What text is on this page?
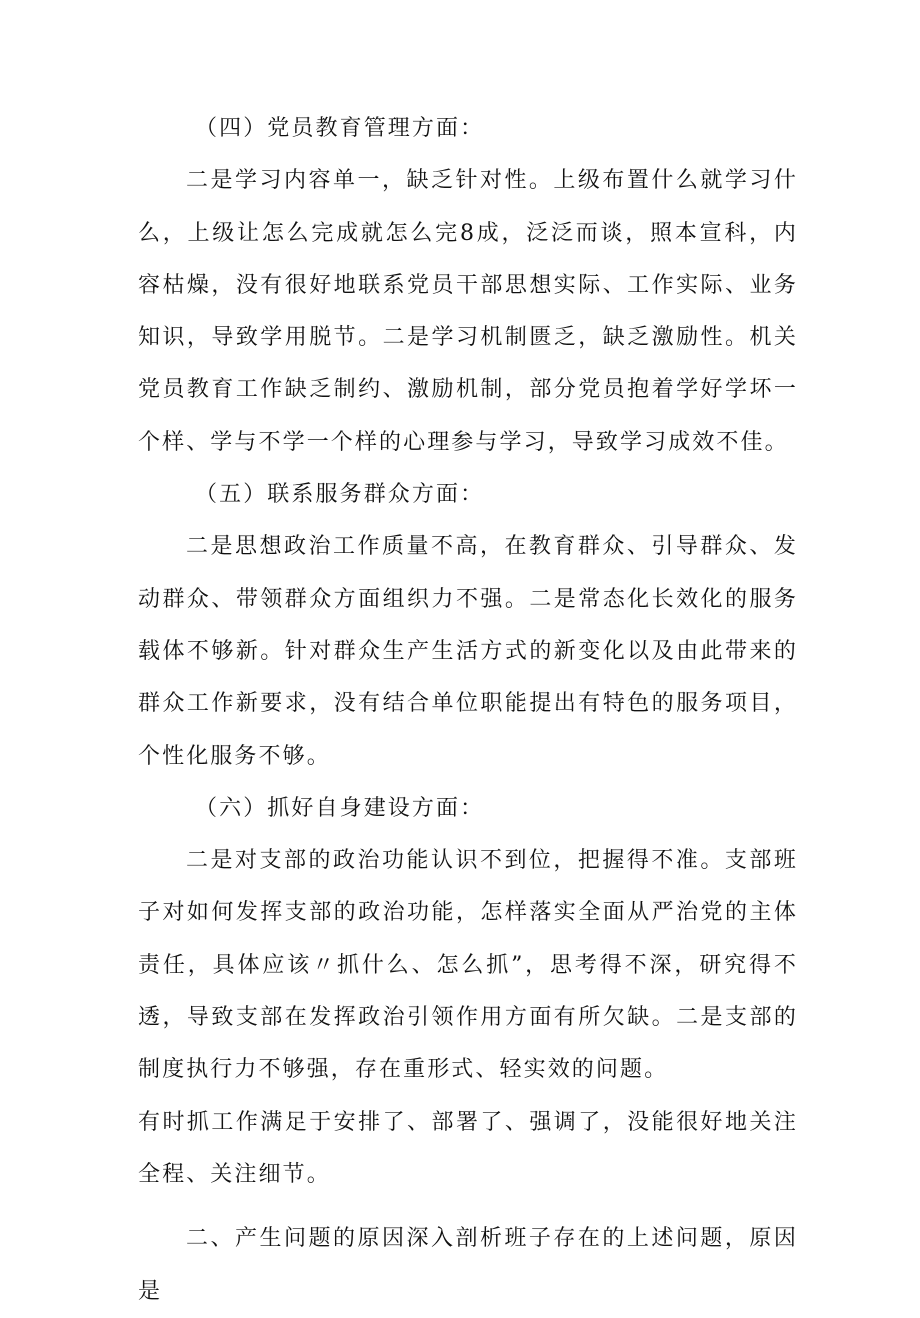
（四）党员教育管理方面：

二是学习内容单一，缺乏针对性。上级布置什么就学习什么，上级让怎么完成就怎么完8成，泛泛而谈，照本宣科，内容枯燥，没有很好地联系党员干部思想实际、工作实际、业务知识，导致学用脱节。二是学习机制匮乏，缺乏激励性。机关党员教育工作缺乏制约、激励机制，部分党员抱着学好学坏一个样、学与不学一个样的心理参与学习，导致学习成效不佳。

（五）联系服务群众方面：

二是思想政治工作质量不高，在教育群众、引导群众、发动群众、带领群众方面组织力不强。二是常态化长效化的服务载体不够新。针对群众生产生活方式的新变化以及由此带来的群众工作新要求，没有结合单位职能提出有特色的服务项目，个性化服务不够。

（六）抓好自身建设方面：

二是对支部的政治功能认识不到位，把握得不准。支部班子对如何发挥支部的政治功能，怎样落实全面从严治党的主体责任，具体应该〃抓什么、怎么抓”，思考得不深，研究得不透，导致支部在发挥政治引领作用方面有所欠缺。二是支部的制度执行力不够强，存在重形式、轻实效的问题。

有时抓工作满足于安排了、部署了、强调了，没能很好地关注全程、关注细节。

二、产生问题的原因深入剖析班子存在的上述问题，原因是
